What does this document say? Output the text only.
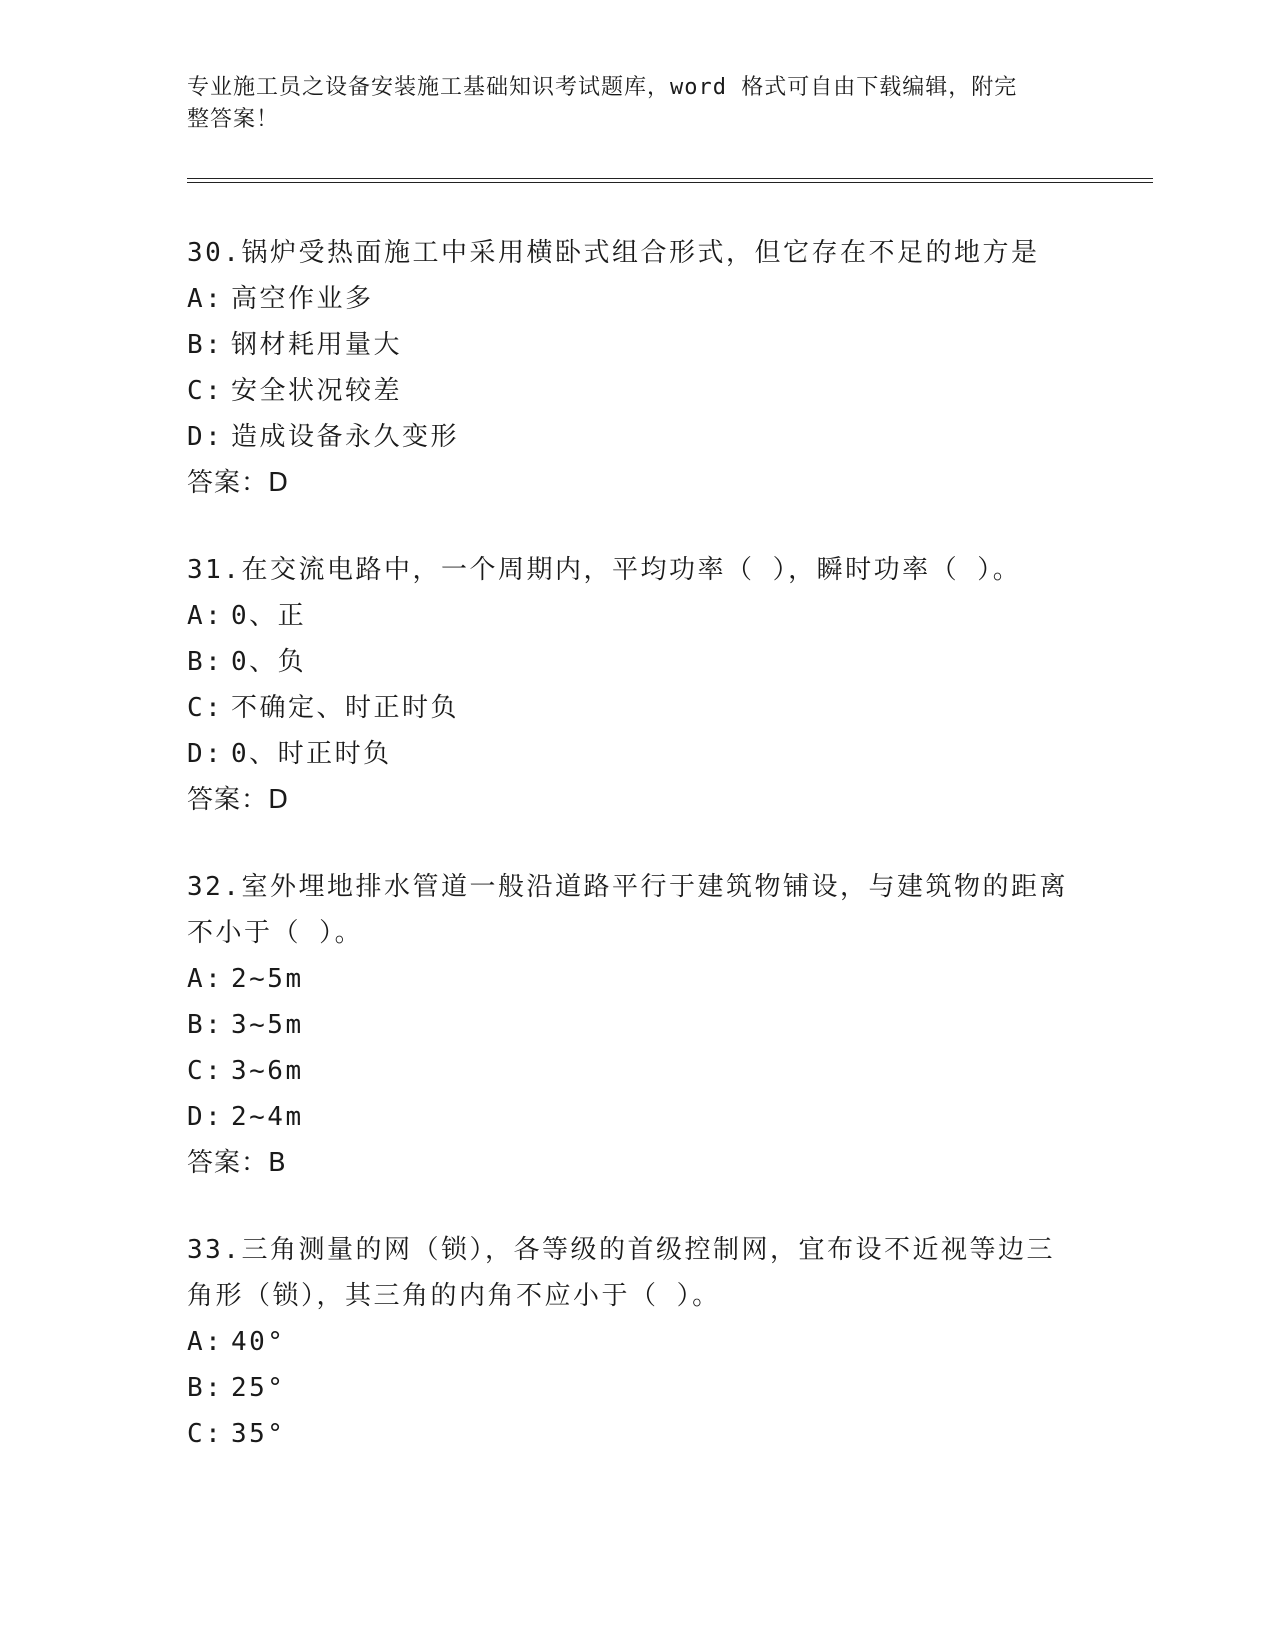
专业施工员之设备安装施工基础知识考试题库，word 格式可自由下载编辑，附完
整答案！
30.锅炉受热面施工中采用横卧式组合形式，但它存在不足的地方是
A: 高空作业多
B: 钢材耗用量大
C: 安全状况较差
D: 造成设备永久变形
答案：D
31.在交流电路中，一个周期内，平均功率（ ），瞬时功率（ ）。
A: 0、正
B: 0、负
C: 不确定、时正时负
D: 0、时正时负
答案：D
32.室外埋地排水管道一般沿道路平行于建筑物铺设，与建筑物的距离
不小于（ ）。
A: 2~5m
B: 3~5m
C: 3~6m
D: 2~4m
答案：B
33.三角测量的网（锁），各等级的首级控制网，宜布设不近视等边三
角形（锁），其三角的内角不应小于（ ）。
A: 40°
B: 25°
C: 35°
